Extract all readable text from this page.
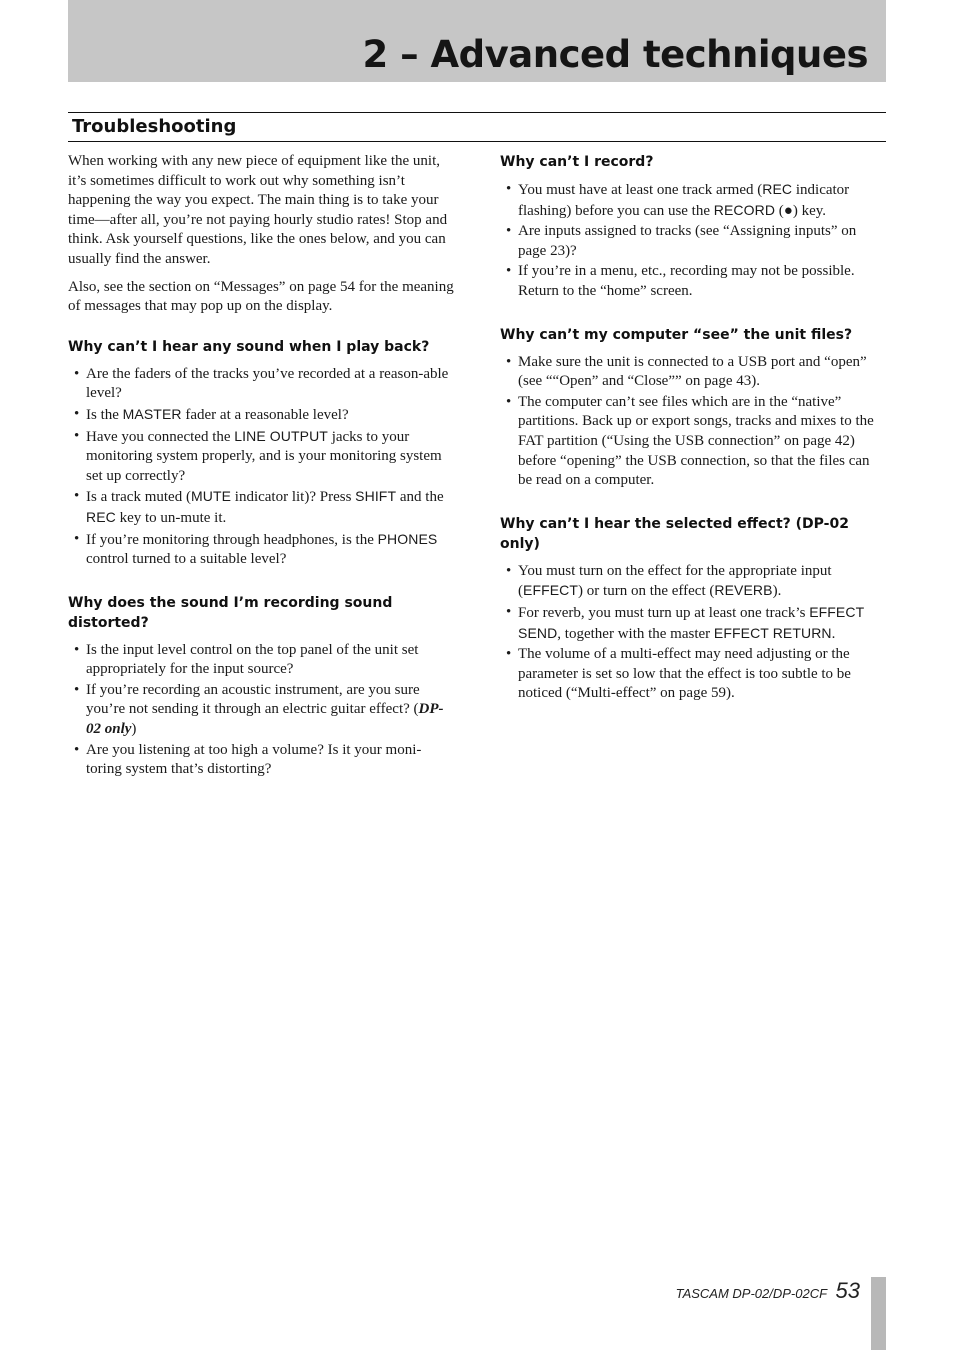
2 – Advanced techniques
Troubleshooting

When working with any new piece of equipment like the unit, it’s sometimes difficult to work out why something isn’t happening the way you expect. The main thing is to take your time—after all, you’re not paying hourly studio rates! Stop and think. Ask yourself questions, like the ones below, and you can usually find the answer.

Also, see the section on “Messages” on page 54 for the meaning of messages that may pop up on the display.

Why can’t I hear any sound when I play back?
• Are the faders of the tracks you’ve recorded at a reason-able level?
• Is the MASTER fader at a reasonable level?
• Have you connected the LINE OUTPUT jacks to your monitoring system properly, and is your monitoring system set up correctly?
• Is a track muted (MUTE indicator lit)? Press SHIFT and the REC key to un-mute it.
• If you’re monitoring through headphones, is the PHONES control turned to a suitable level?
Why does the sound I’m recording sound distorted?
• Is the input level control on the top panel of the unit set appropriately for the input source?
• If you’re recording an acoustic instrument, are you sure you’re not sending it through an electric guitar effect? (DP-02 only)
• Are you listening at too high a volume? Is it your moni-toring system that’s distorting?
Why can’t I record?
• You must have at least one track armed (REC indicator flashing) before you can use the RECORD (●) key.
• Are inputs assigned to tracks (see “Assigning inputs” on page 23)?
• If you’re in a menu, etc., recording may not be possible. Return to the “home” screen.
Why can’t my computer “see” the unit files?
• Make sure the unit is connected to a USB port and “open” (see ““Open” and “Close”” on page 43).
• The computer can’t see files which are in the “native” partitions. Back up or export songs, tracks and mixes to the FAT partition (“Using the USB connection” on page 42) before “opening” the USB connection, so that the files can be read on a computer.
Why can’t I hear the selected effect? (DP-02 only)
• You must turn on the effect for the appropriate input (EFFECT) or turn on the effect (REVERB).
• For reverb, you must turn up at least one track’s EFFECT SEND, together with the master EFFECT RETURN.
• The volume of a multi-effect may need adjusting or the parameter is set so low that the effect is too subtle to be noticed (“Multi-effect” on page 59).
TASCAM DP-02/DP-02CF 53
